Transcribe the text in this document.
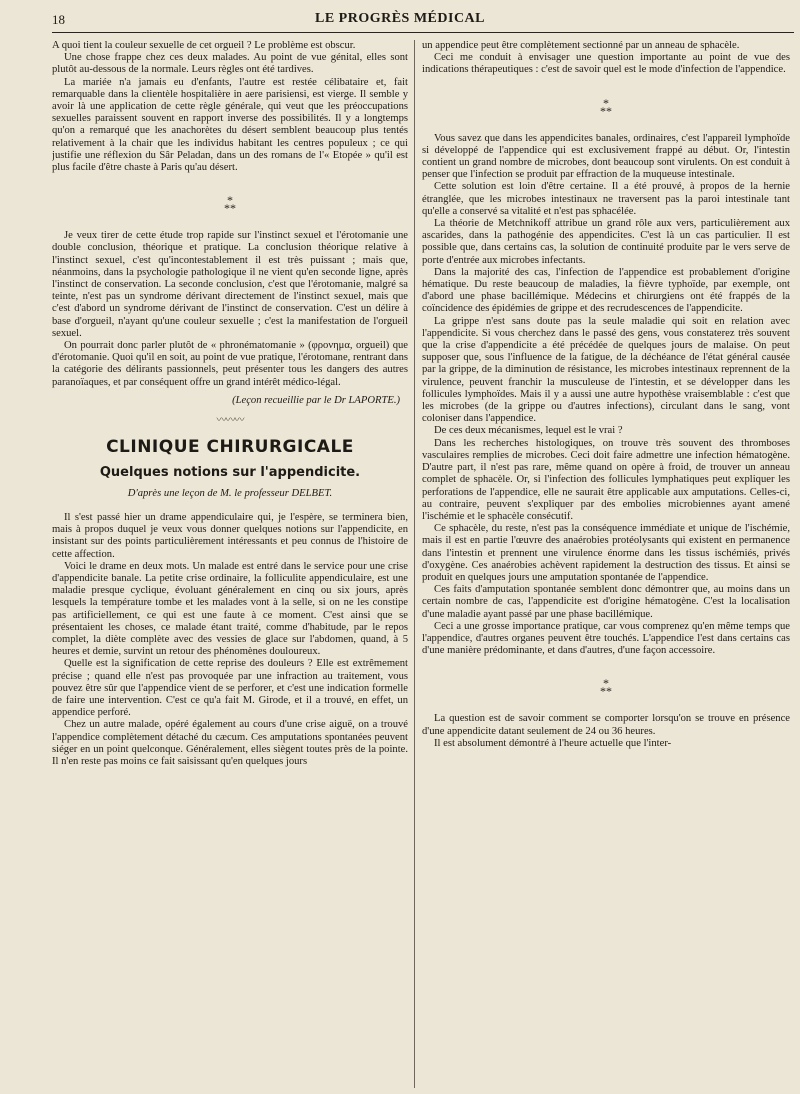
18	LE PROGRÈS MÉDICAL

A quoi tient la couleur sexuelle de cet orgueil ? Le problème est obscur.

Une chose frappe chez ces deux malades. Au point de vue génital, elles sont plutôt au-dessous de la normale. Leurs règles ont été tardives.

La mariée n'a jamais eu d'enfants, l'autre est restée célibataire et, fait remarquable dans la clientèle hospitalière in aere parisiensi, est vierge. Il semble y avoir là une application de cette règle générale, qui veut que les préoccupations sexuelles paraissent souvent en rapport inverse des possibilités. Il y a longtemps qu'on a remarqué que les anachorètes du désert semblent beaucoup plus tentés relativement à la chair que les individus habitant les centres populeux ; ce qui justifie une réflexion du Sâr Peladan, dans un des romans de l'« Etopée » qu'il est plus facile d'être chaste à Paris qu'au désert.

*
**

Je veux tirer de cette étude trop rapide sur l'instinct sexuel et l'érotomanie une double conclusion, théorique et pratique. La conclusion théorique relative à l'instinct sexuel, c'est qu'incontestablement il est très puissant ; mais que, néanmoins, dans la psychologie pathologique il ne vient qu'en seconde ligne, après l'instinct de conservation. La seconde conclusion, c'est que l'érotomanie, malgré sa teinte, n'est pas un syndrome dérivant directement de l'instinct sexuel, mais que c'est d'abord un syndrome dérivant de l'instinct de conservation. C'est un délire à base d'orgueil, n'ayant qu'une couleur sexuelle ; c'est la manifestation de l'orgueil sexuel.

On pourrait donc parler plutôt de « phronématomanie » (φρονημα, orgueil) que d'érotomanie. Quoi qu'il en soit, au point de vue pratique, l'érotomane, rentrant dans la catégorie des délirants passionnels, peut présenter tous les dangers des autres paranoïaques, et par conséquent offre un grand intérêt médico-légal.

(Leçon recueillie par le Dr LAPORTE.)
〰〰〰
CLINIQUE CHIRURGICALE
Quelques notions sur l'appendicite.
D'après une leçon de M. le professeur DELBET.

Il s'est passé hier un drame appendiculaire qui, je l'espère, se terminera bien, mais à propos duquel je veux vous donner quelques notions sur l'appendicite, en insistant sur des points particulièrement intéressants et peu connus de l'histoire de cette affection.

Voici le drame en deux mots. Un malade est entré dans le service pour une crise d'appendicite banale. La petite crise ordinaire, la folliculite appendiculaire, est une maladie presque cyclique, évoluant généralement en cinq ou six jours, après lesquels la température tombe et les malades vont à la selle, si on ne les constipe pas artificiellement, ce qui est une faute à ce moment. C'est ainsi que se présentaient les choses, ce malade étant traité, comme d'habitude, par le repos complet, la diète complète avec des vessies de glace sur l'abdomen, quand, à 5 heures et demie, survint un retour des phénomènes douloureux.

Quelle est la signification de cette reprise des douleurs ? Elle est extrêmement précise ; quand elle n'est pas provoquée par une infraction au traitement, vous pouvez être sûr que l'appendice vient de se perforer, et c'est une indication formelle de faire une intervention. C'est ce qu'a fait M. Girode, et il a trouvé, en effet, un appendice perforé.

Chez un autre malade, opéré également au cours d'une crise aiguë, on a trouvé l'appendice complètement détaché du cæcum. Ces amputations spontanées peuvent siéger en un point quelconque. Généralement, elles siègent toutes près de la pointe. Il n'en reste pas moins ce fait saisissant qu'en quelques jours

un appendice peut être complètement sectionné par un anneau de sphacèle.

Ceci me conduit à envisager une question importante au point de vue des indications thérapeutiques : c'est de savoir quel est le mode d'infection de l'appendice.

*
**

Vous savez que dans les appendicites banales, ordinaires, c'est l'appareil lymphoïde si développé de l'appendice qui est exclusivement frappé au début. Or, l'intestin contient un grand nombre de microbes, dont beaucoup sont virulents. On est conduit à penser que l'infection se produit par effraction de la muqueuse intestinale.

Cette solution est loin d'être certaine. Il a été prouvé, à propos de la hernie étranglée, que les microbes intestinaux ne traversent pas la paroi intestinale tant qu'elle a conservé sa vitalité et n'est pas sphacélée.

La théorie de Metchnikoff attribue un grand rôle aux vers, particulièrement aux ascarides, dans la pathogénie des appendicites. C'est là un cas particulier. Il est possible que, dans certains cas, la solution de continuité produite par le vers serve de porte d'entrée aux microbes infectants.

Dans la majorité des cas, l'infection de l'appendice est probablement d'origine hématique. Du reste beaucoup de maladies, la fièvre typhoïde, par exemple, ont d'abord une phase bacillémique. Médecins et chirurgiens ont été frappés de la coïncidence des épidémies de grippe et des recrudescences de l'appendicite.

La grippe n'est sans doute pas la seule maladie qui soit en relation avec l'appendicite. Si vous cherchez dans le passé des gens, vous constaterez très souvent que la crise d'appendicite a été précédée de quelques jours de malaise. On peut supposer que, sous l'influence de la fatigue, de la déchéance de l'état général causée par la grippe, de la diminution de résistance, les microbes intestinaux reprennent de la virulence, peuvent franchir la musculeuse de l'intestin, et se développer dans les follicules lymphoïdes. Mais il y a aussi une autre hypothèse vraisemblable : c'est que les microbes (de la grippe ou d'autres infections), circulant dans le sang, vont coloniser dans l'appendice.

De ces deux mécanismes, lequel est le vrai ?

Dans les recherches histologiques, on trouve très souvent des thromboses vasculaires remplies de microbes. Ceci doit faire admettre une infection hématogène. D'autre part, il n'est pas rare, même quand on opère à froid, de trouver un anneau complet de sphacèle. Or, si l'infection des follicules lymphatiques peut expliquer les perforations de l'appendice, elle ne saurait être applicable aux amputations. Celles-ci, au contraire, peuvent s'expliquer par des embolies microbiennes ayant amené l'ischémie et le sphacèle consécutif.

Ce sphacèle, du reste, n'est pas la conséquence immédiate et unique de l'ischémie, mais il est en partie l'œuvre des anaérobies protéolysants qui existent en permanence dans l'intestin et prennent une virulence énorme dans les tissus ischémiés, privés d'oxygène. Ces anaérobies achèvent rapidement la destruction des tissus. Et ainsi se produit en quelques jours une amputation spontanée de l'appendice.

Ces faits d'amputation spontanée semblent donc démontrer que, au moins dans un certain nombre de cas, l'appendicite est d'origine hématogène. C'est la localisation d'une maladie ayant passé par une phase bacillémique.

Ceci a une grosse importance pratique, car vous comprenez qu'en même temps que l'appendice, d'autres organes peuvent être touchés. L'appendice l'est dans certains cas d'une manière prédominante, et dans d'autres, d'une façon accessoire.

*
**

La question est de savoir comment se comporter lorsqu'on se trouve en présence d'une appendicite datant seulement de 24 ou 36 heures.

Il est absolument démontré à l'heure actuelle que l'inter-
